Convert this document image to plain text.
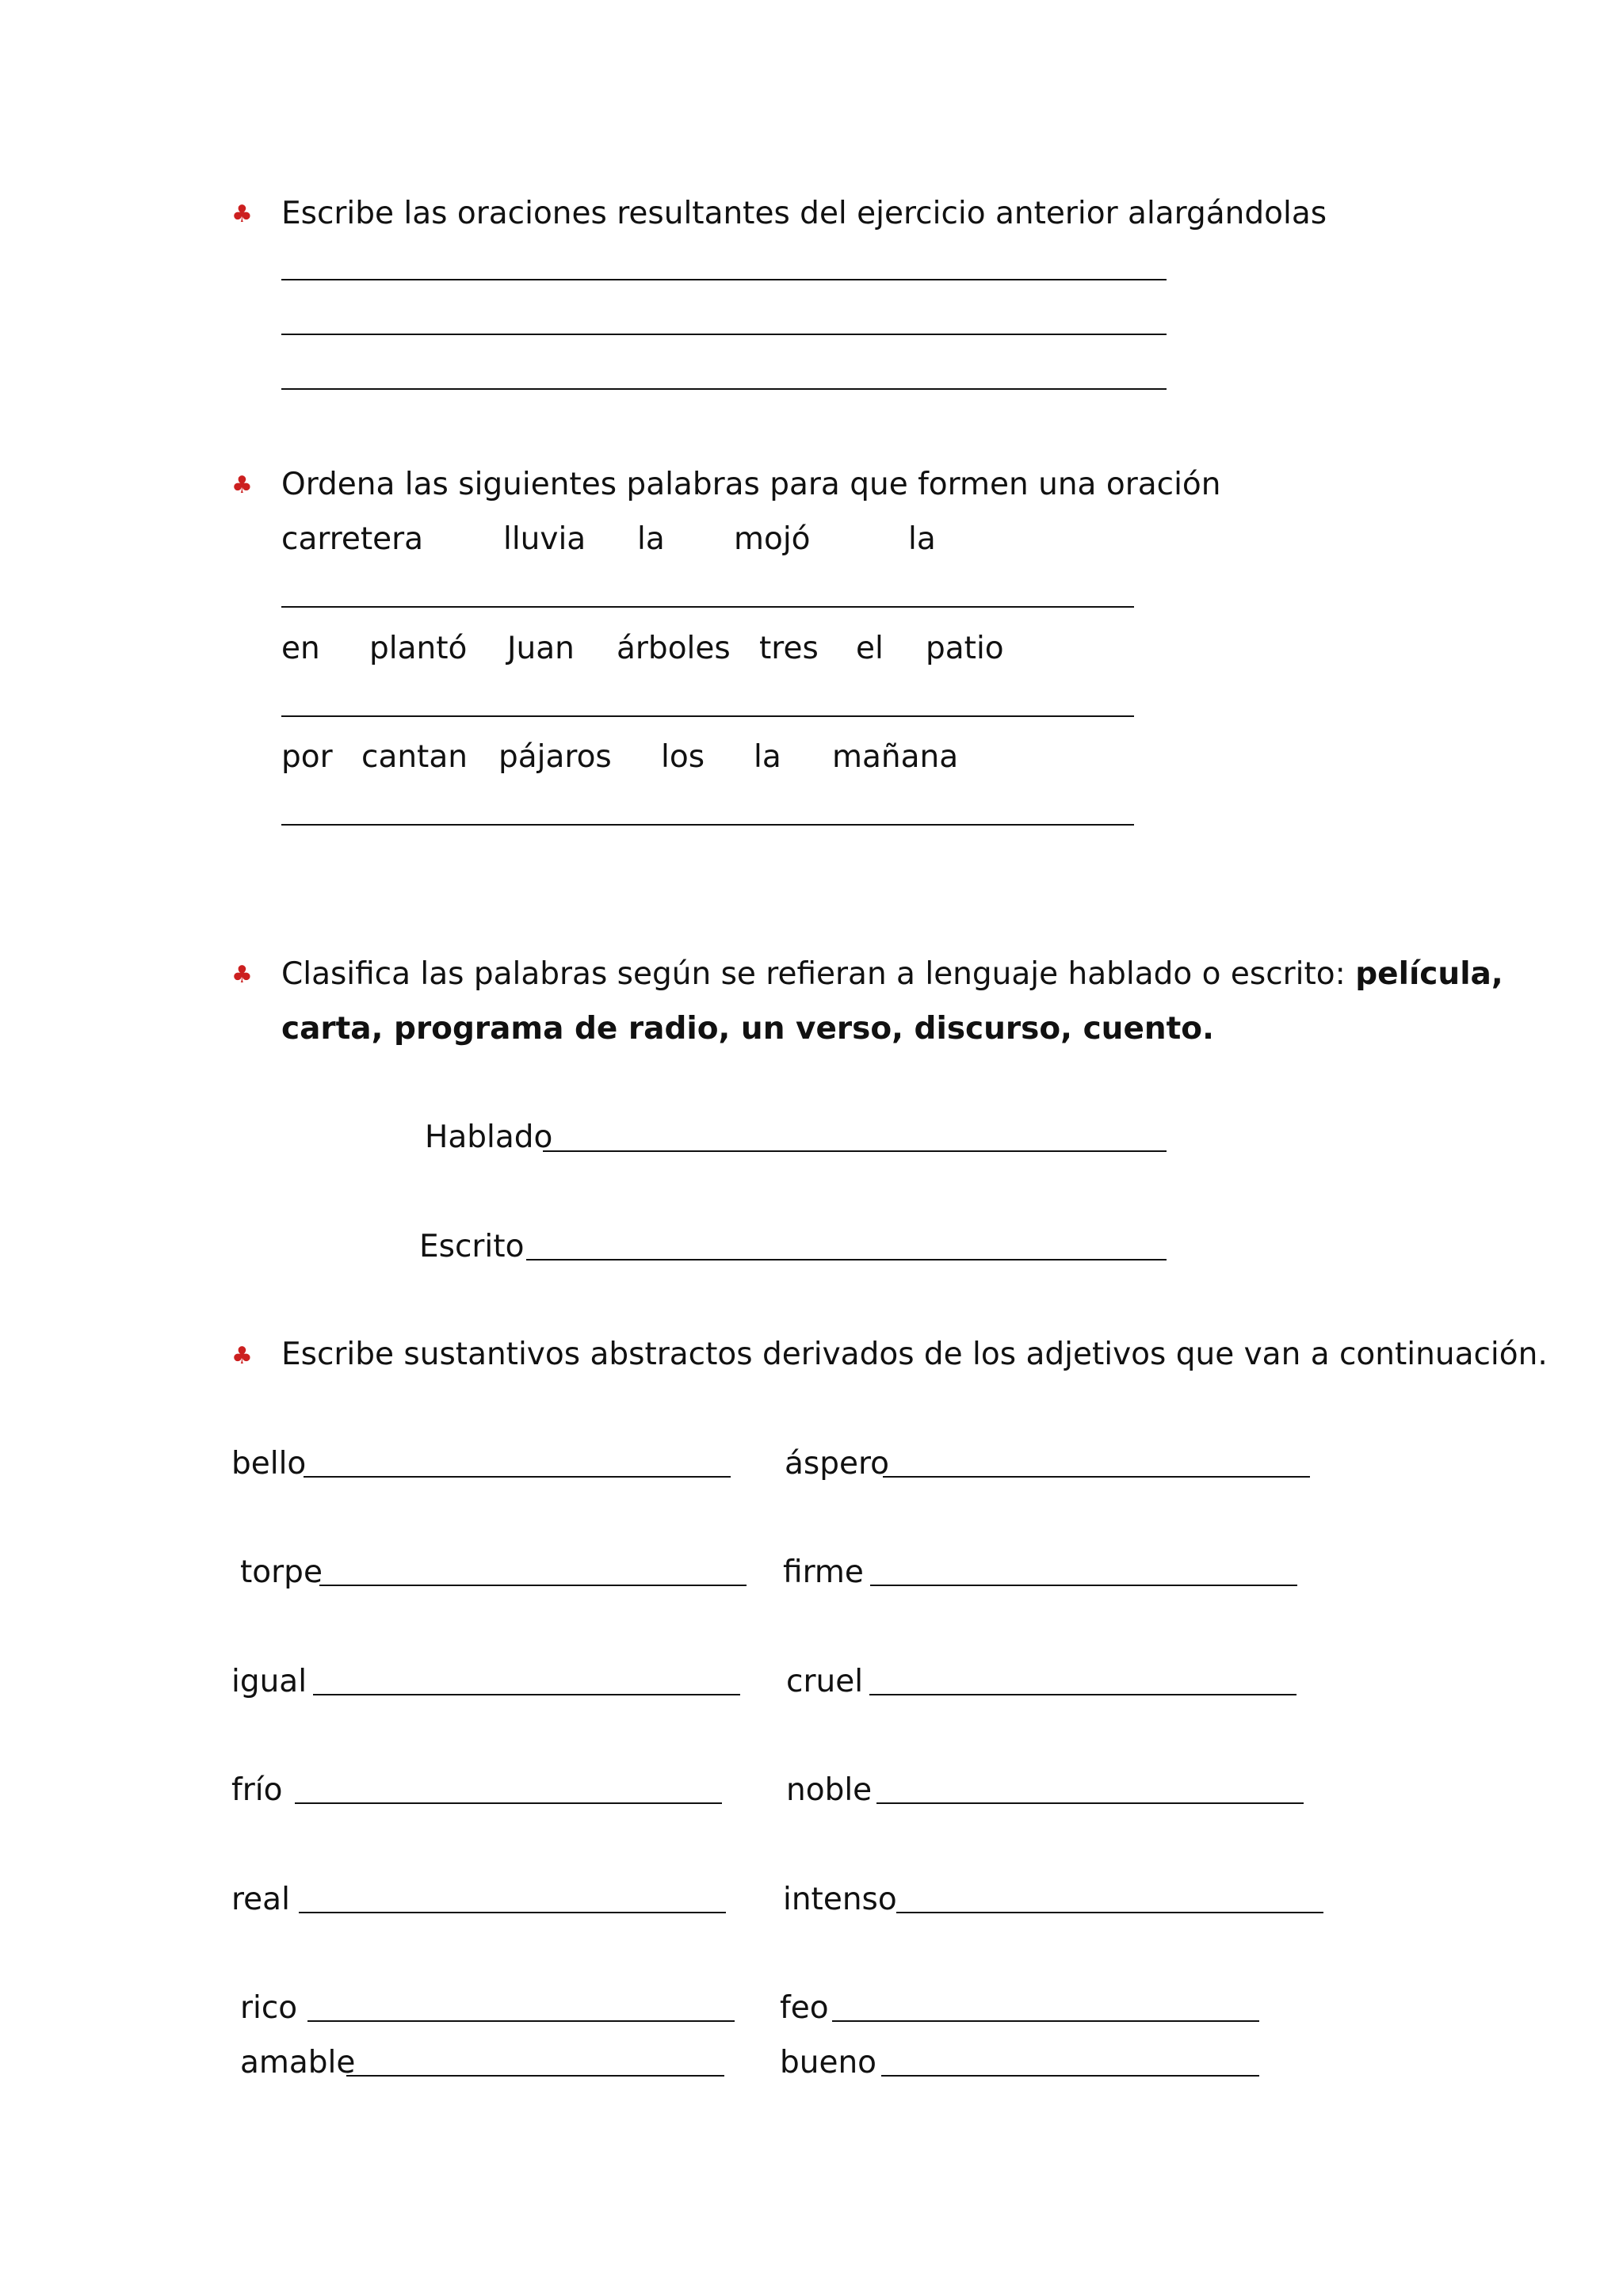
♣ Escribe las oraciones resultantes del ejercicio anterior alargándolas
♣ Ordena las siguientes palabras para que formen una oración
carretera	lluvia la mojó	la
en plantó Juan árboles tres el patio
por cantan pájaros los la mañana
♣ Clasifica las palabras según se refieran a lenguaje hablado o escrito: película,
carta, programa de radio, un verso, discurso, cuento.
Hablado
Escrito
♣ Escribe sustantivos abstractos derivados de los adjetivos que van a continuación.
bello
torpe
igual
frío
real
rico
amable
áspero
firme
cruel
noble
intenso
feo
bueno
